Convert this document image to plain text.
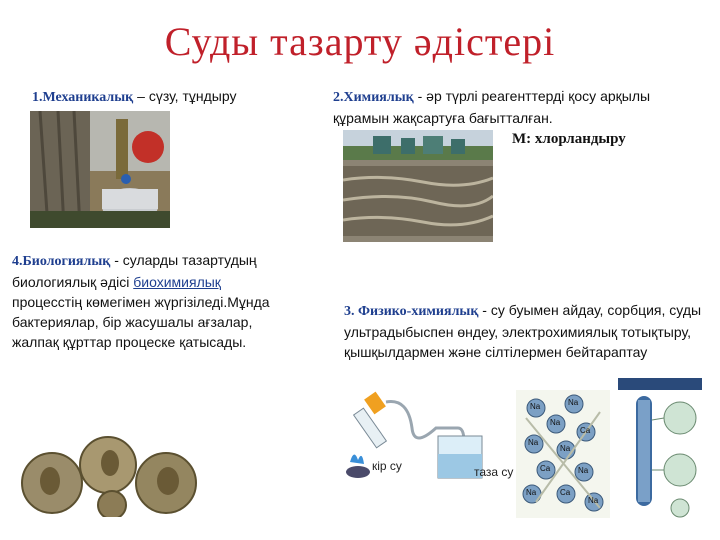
Суды тазарту әдістері
1.Механикалық – сүзу, тұндыру	2.Химиялық - әр түрлі реагенттерді қосу арқылы құрамын жақсартуға бағытталған.
М: хлорландыру
4.Биологиялық - суларды тазартудың биологиялық әдісі биохимиялық процесстің көмегімен жүргізіледі.Мұнда бактериялар, бір жасушалы ағзалар, жалпақ құрттар процеске қатысады.
3. Физико-химиялық - су буымен айдау, сорбция, суды ультрадыбыспен өндеу, электрохимиялық тотықтыру, қышқылдармен және сілтілермен бейтараптау
кір су	таза су
Na	Na
Na
Ca
Na
Na
Ca	Na
Na	Ca
Na
